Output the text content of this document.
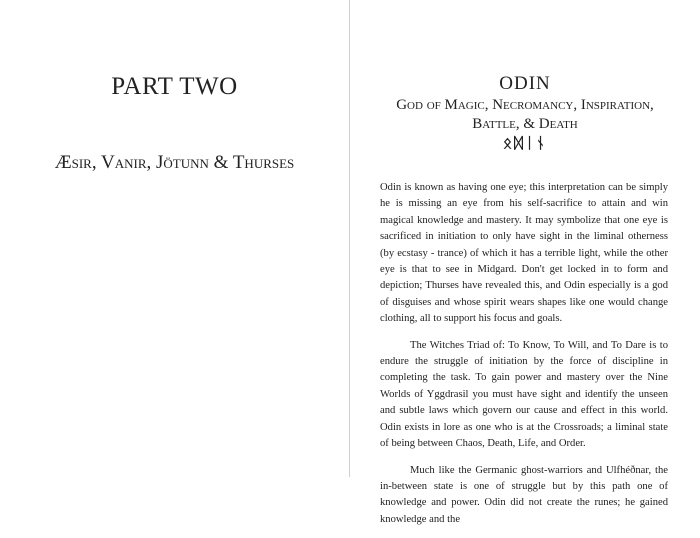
PART TWO
Æsir, Vanir, Jötunn & Thurses
ODIN
God of Magic, Necromancy, Inspiration,
Battle, & Death
ᛟᛞᛁᚾ

Odin is known as having one eye; this interpretation can be simply he is missing an eye from his self-sacrifice to attain and win magical knowledge and mastery. It may symbolize that one eye is sacrificed in initiation to only have sight in the liminal otherness (by ecstasy - trance) of which it has a terrible light, while the other eye is that to see in Midgard. Don't get locked in to form and depiction; Thurses have revealed this, and Odin especially is a god of disguises and whose spirit wears shapes like one would change clothing, all to support his focus and goals.

The Witches Triad of: To Know, To Will, and To Dare is to endure the struggle of initiation by the force of discipline in completing the task. To gain power and mastery over the Nine Worlds of Yggdrasil you must have sight and identify the unseen and subtle laws which govern our cause and effect in this world. Odin exists in lore as one who is at the Crossroads; a liminal state of being between Chaos, Death, Life, and Order.

Much like the Germanic ghost-warriors and Ulfhéðnar, the in-between state is one of struggle but by this path one of knowledge and power. Odin did not create the runes; he gained knowledge and the
